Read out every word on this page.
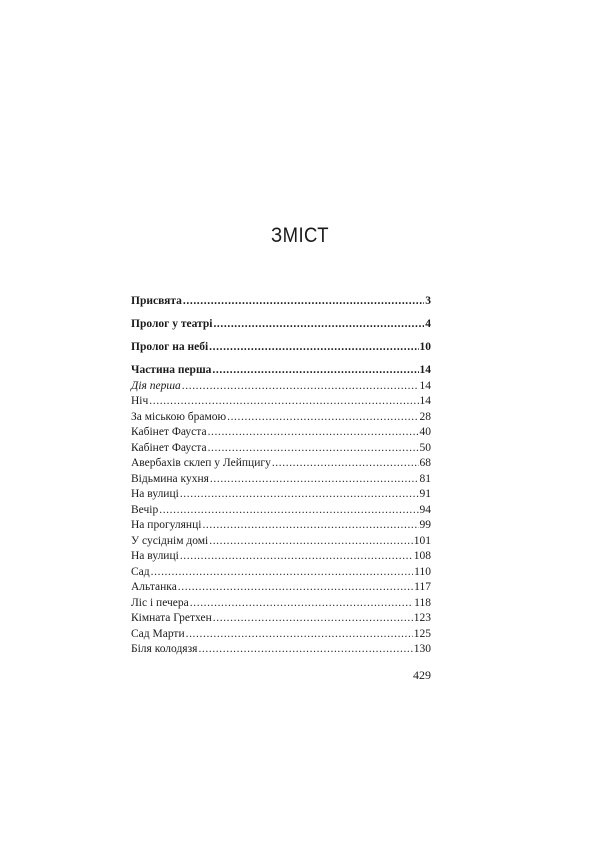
ЗМІСТ
Присвята .....	3
Пролог у театрі .....	4
Пролог на небі .....	10
Частина перша .....	14
Дія перша .....	14
Ніч .....	14
За міською брамою .....	28
Кабінет Фауста .....	40
Кабінет Фауста .....	50
Авербахів склеп у Лейпцигу .....	68
Відьмина кухня .....	81
На вулиці .....	91
Вечір .....	94
На прогулянці .....	99
У сусіднім домі .....	101
На вулиці .....	108
Сад .....	110
Альтанка .....	117
Ліс і печера .....	118
Кімната Гретхен .....	123
Сад Марти .....	125
Біля колодязя .....	130
429
